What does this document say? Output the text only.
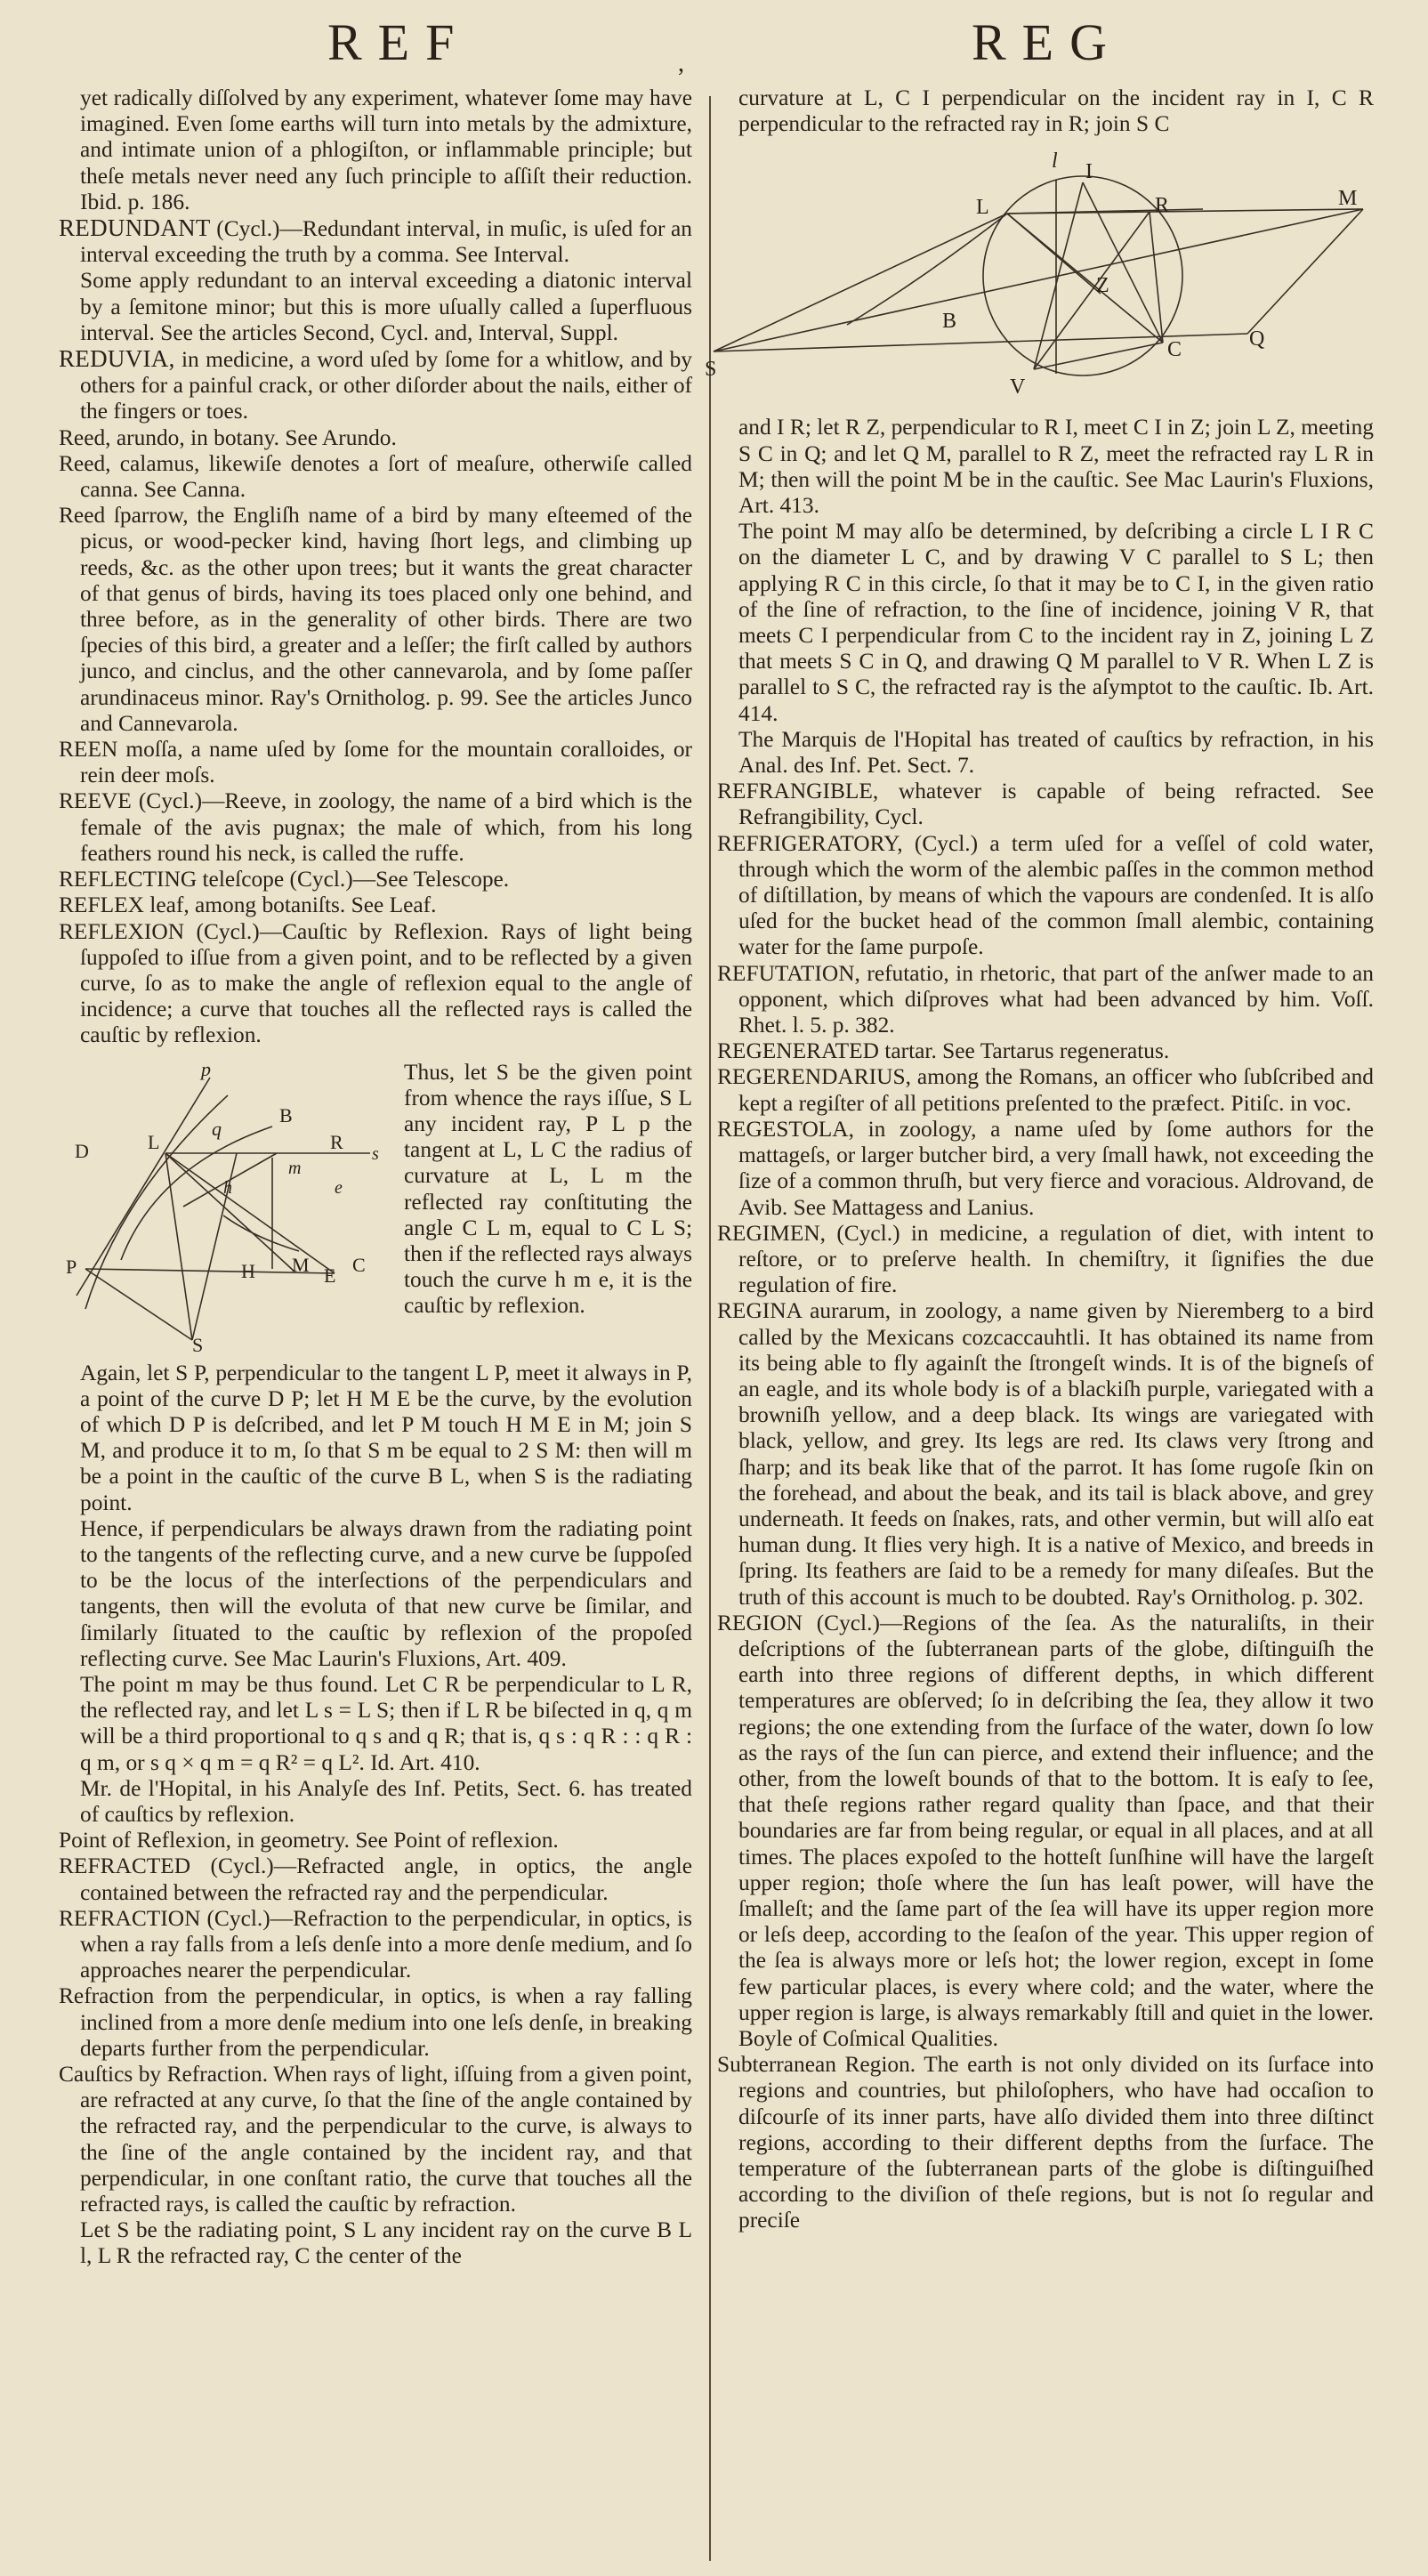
REF	,	REG

yet radically diſſolved by any experiment, whatever ſome may have imagined. Even ſome earths will turn into metals by the admixture, and intimate union of a phlogiſton, or inflammable principle; but theſe metals never need any ſuch principle to aſſiſt their reduction. Ibid. p. 186.

REDUNDANT (Cycl.)—Redundant interval, in muſic, is uſed for an interval exceeding the truth by a comma. See Interval.

Some apply redundant to an interval exceeding a diatonic interval by a ſemitone minor; but this is more uſually called a ſuperfluous interval. See the articles Second, Cycl. and, Interval, Suppl.

REDUVIA, in medicine, a word uſed by ſome for a whitlow, and by others for a painful crack, or other diſorder about the nails, either of the fingers or toes.

Reed, arundo, in botany. See Arundo.

Reed, calamus, likewiſe denotes a ſort of meaſure, otherwiſe called canna. See Canna.

Reed ſparrow, the Engliſh name of a bird by many eſteemed of the picus, or wood-pecker kind, having ſhort legs, and climbing up reeds, &c. as the other upon trees; but it wants the great character of that genus of birds, having its toes placed only one behind, and three before, as in the generality of other birds. There are two ſpecies of this bird, a greater and a leſſer; the firſt called by authors junco, and cinclus, and the other cannevarola, and by ſome paſſer arundinaceus minor. Ray's Ornitholog. p. 99. See the articles Junco and Cannevarola.

REEN moſſa, a name uſed by ſome for the mountain coralloides, or rein deer moſs.

REEVE (Cycl.)—Reeve, in zoology, the name of a bird which is the female of the avis pugnax; the male of which, from his long feathers round his neck, is called the ruffe.

REFLECTING teleſcope (Cycl.)—See Telescope.

REFLEX leaf, among botaniſts. See Leaf.

REFLEXION (Cycl.)—Cauſtic by Reflexion. Rays of light being ſuppoſed to iſſue from a given point, and to be reflected by a given curve, ſo as to make the angle of reflexion equal to the angle of incidence; a curve that touches all the reflected rays is called the cauſtic by reflexion.

p
B
L	R
s
D
q
h
m
e
P	H M E C
S

Thus, let S be the given point from whence the rays iſſue, S L any incident ray, P L p the tangent at L, L C the radius of curvature at L, L m the reflected ray conſtituting the angle C L m, equal to C L S; then if the reflected rays always touch the curve h m e, it is the cauſtic by reflexion.

Again, let S P, perpendicular to the tangent L P, meet it always in P, a point of the curve D P; let H M E be the curve, by the evolution of which D P is deſcribed, and let P M touch H M E in M; join S M, and produce it to m, ſo that S m be equal to 2 S M: then will m be a point in the cauſtic of the curve B L, when S is the radiating point.

Hence, if perpendiculars be always drawn from the radiating point to the tangents of the reflecting curve, and a new curve be ſuppoſed to be the locus of the interſections of the perpendiculars and tangents, then will the evoluta of that new curve be ſimilar, and ſimilarly ſituated to the cauſtic by reflexion of the propoſed reflecting curve. See Mac Laurin's Fluxions, Art. 409.

The point m may be thus found. Let C R be perpendicular to L R, the reflected ray, and let L s = L S; then if L R be biſected in q, q m will be a third proportional to q s and q R; that is, q s : q R : : q R : q m, or s q × q m = q R² = q L². Id. Art. 410.

Mr. de l'Hopital, in his Analyſe des Inf. Petits, Sect. 6. has treated of cauſtics by reflexion.

Point of Reflexion, in geometry. See Point of reflexion.

REFRACTED (Cycl.)—Refracted angle, in optics, the angle contained between the refracted ray and the perpendicular.

REFRACTION (Cycl.)—Refraction to the perpendicular, in optics, is when a ray falls from a leſs denſe into a more denſe medium, and ſo approaches nearer the perpendicular.

Refraction from the perpendicular, in optics, is when a ray falling inclined from a more denſe medium into one leſs denſe, in breaking departs further from the perpendicular.

Cauſtics by Refraction. When rays of light, iſſuing from a given point, are refracted at any curve, ſo that the ſine of the angle contained by the refracted ray, and the perpendicular to the curve, is always to the ſine of the angle contained by the incident ray, and that perpendicular, in one conſtant ratio, the curve that touches all the refracted rays, is called the cauſtic by refraction.

Let S be the radiating point, S L any incident ray on the curve B L l, L R the refracted ray, C the center of the

curvature at L, C I perpendicular on the incident ray in I, C R perpendicular to the refracted ray in R; join S C

l I
L	R	M
Z
B
Q
S
C
V

and I R; let R Z, perpendicular to R I, meet C I in Z; join L Z, meeting S C in Q; and let Q M, parallel to R Z, meet the refracted ray L R in M; then will the point M be in the cauſtic. See Mac Laurin's Fluxions, Art. 413.

The point M may alſo be determined, by deſcribing a circle L I R C on the diameter L C, and by drawing V C parallel to S L; then applying R C in this circle, ſo that it may be to C I, in the given ratio of the ſine of refraction, to the ſine of incidence, joining V R, that meets C I perpendicular from C to the incident ray in Z, joining L Z that meets S C in Q, and drawing Q M parallel to V R. When L Z is parallel to S C, the refracted ray is the aſymptot to the cauſtic. Ib. Art. 414.

The Marquis de l'Hopital has treated of cauſtics by refraction, in his Anal. des Inf. Pet. Sect. 7.

REFRANGIBLE, whatever is capable of being refracted. See Refrangibility, Cycl.

REFRIGERATORY, (Cycl.) a term uſed for a veſſel of cold water, through which the worm of the alembic paſſes in the common method of diſtillation, by means of which the vapours are condenſed. It is alſo uſed for the bucket head of the common ſmall alembic, containing water for the ſame purpoſe.

REFUTATION, refutatio, in rhetoric, that part of the anſwer made to an opponent, which diſproves what had been advanced by him. Voſſ. Rhet. l. 5. p. 382.

REGENERATED tartar. See Tartarus regeneratus.

REGERENDARIUS, among the Romans, an officer who ſubſcribed and kept a regiſter of all petitions preſented to the præfect. Pitiſc. in voc.

REGESTOLA, in zoology, a name uſed by ſome authors for the mattageſs, or larger butcher bird, a very ſmall hawk, not exceeding the ſize of a common thruſh, but very fierce and voracious. Aldrovand, de Avib. See Mattagess and Lanius.

REGIMEN, (Cycl.) in medicine, a regulation of diet, with intent to reſtore, or to preſerve health. In chemiſtry, it ſignifies the due regulation of fire.

REGINA aurarum, in zoology, a name given by Nieremberg to a bird called by the Mexicans cozcaccauhtli. It has obtained its name from its being able to fly againſt the ſtrongeſt winds. It is of the bigneſs of an eagle, and its whole body is of a blackiſh purple, variegated with a browniſh yellow, and a deep black. Its wings are variegated with black, yellow, and grey. Its legs are red. Its claws very ſtrong and ſharp; and its beak like that of the parrot. It has ſome rugoſe ſkin on the forehead, and about the beak, and its tail is black above, and grey underneath. It feeds on ſnakes, rats, and other vermin, but will alſo eat human dung. It flies very high. It is a native of Mexico, and breeds in ſpring. Its feathers are ſaid to be a remedy for many diſeaſes. But the truth of this account is much to be doubted. Ray's Ornitholog. p. 302.

REGION (Cycl.)—Regions of the ſea. As the naturaliſts, in their deſcriptions of the ſubterranean parts of the globe, diſtinguiſh the earth into three regions of different depths, in which different temperatures are obſerved; ſo in deſcribing the ſea, they allow it two regions; the one extending from the ſurface of the water, down ſo low as the rays of the ſun can pierce, and extend their influence; and the other, from the loweſt bounds of that to the bottom. It is eaſy to ſee, that theſe regions rather regard quality than ſpace, and that their boundaries are far from being regular, or equal in all places, and at all times. The places expoſed to the hotteſt ſunſhine will have the largeſt upper region; thoſe where the ſun has leaſt power, will have the ſmalleſt; and the ſame part of the ſea will have its upper region more or leſs deep, according to the ſeaſon of the year. This upper region of the ſea is always more or leſs hot; the lower region, except in ſome few particular places, is every where cold; and the water, where the upper region is large, is always remarkably ſtill and quiet in the lower. Boyle of Coſmical Qualities.

Subterranean Region. The earth is not only divided on its ſurface into regions and countries, but philoſophers, who have had occaſion to diſcourſe of its inner parts, have alſo divided them into three diſtinct regions, according to their different depths from the ſurface. The temperature of the ſubterranean parts of the globe is diſtinguiſhed according to the diviſion of theſe regions, but is not ſo regular and preciſe
